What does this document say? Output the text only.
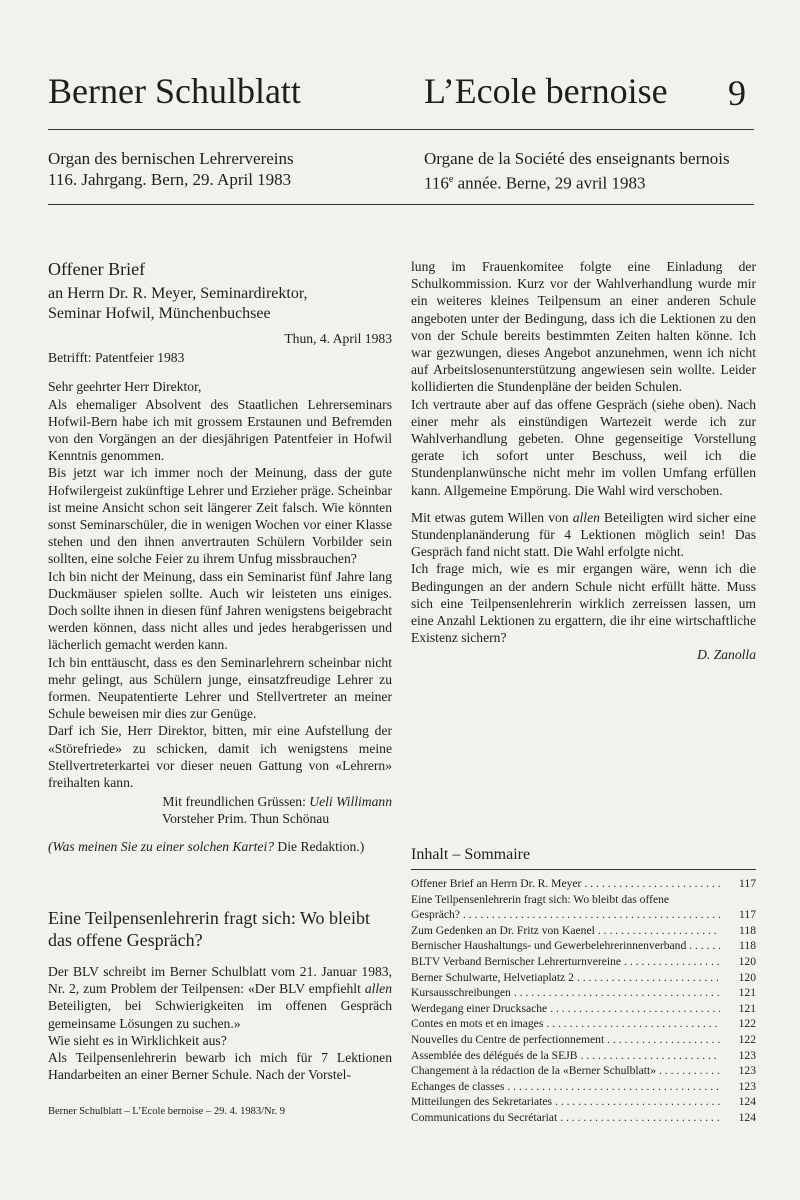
Berner Schulblatt	L’Ecole bernoise 9
Organ des bernischen Lehrervereins
116. Jahrgang. Bern, 29. April 1983
Organe de la Société des enseignants bernois
116e année. Berne, 29 avril 1983
Offener Brief
an Herrn Dr. R. Meyer, Seminardirektor,
Seminar Hofwil, Münchenbuchsee
Thun, 4. April 1983
Betrifft: Patentfeier 1983
Sehr geehrter Herr Direktor,

Als ehemaliger Absolvent des Staatlichen Lehrerseminars Hofwil-Bern habe ich mit grossem Erstaunen und Befremden von den Vorgängen an der diesjährigen Patentfeier in Hofwil Kenntnis genommen.

Bis jetzt war ich immer noch der Meinung, dass der gute Hofwilergeist zukünftige Lehrer und Erzieher präge. Scheinbar ist meine Ansicht schon seit längerer Zeit falsch. Wie könnten sonst Seminarschüler, die in wenigen Wochen vor einer Klasse stehen und den ihnen anvertrauten Schülern Vorbilder sein sollten, eine solche Feier zu ihrem Unfug missbrauchen?

Ich bin nicht der Meinung, dass ein Seminarist fünf Jahre lang Duckmäuser spielen sollte. Auch wir leisteten uns einiges. Doch sollte ihnen in diesen fünf Jahren wenigstens beigebracht werden können, dass nicht alles und jedes herabgerissen und lächerlich gemacht werden kann.

Ich bin enttäuscht, dass es den Seminarlehrern scheinbar nicht mehr gelingt, aus Schülern junge, einsatzfreudige Lehrer zu formen. Neupatentierte Lehrer und Stellvertreter an meiner Schule beweisen mir dies zur Genüge.

Darf ich Sie, Herr Direktor, bitten, mir eine Aufstellung der «Störefriede» zu schicken, damit ich wenigstens meine Stellvertreterkartei vor dieser neuen Gattung von «Lehrern» freihalten kann.

Mit freundlichen Grüssen: Ueli Willimann
Vorsteher Prim. Thun Schönau
(Was meinen Sie zu einer solchen Kartei? Die Redaktion.)
Eine Teilpensenlehrerin fragt sich: Wo bleibt das offene Gespräch?

Der BLV schreibt im Berner Schulblatt vom 21. Januar 1983, Nr. 2, zum Problem der Teilpensen: «Der BLV empfiehlt allen Beteiligten, bei Schwierigkeiten im offenen Gespräch gemeinsame Lösungen zu suchen.»

Wie sieht es in Wirklichkeit aus?

Als Teilpensenlehrerin bewarb ich mich für 7 Lektionen Handarbeiten an einer Berner Schule. Nach der Vorstel-

lung im Frauenkomitee folgte eine Einladung der Schulkommission. Kurz vor der Wahlverhandlung wurde mir ein weiteres kleines Teilpensum an einer anderen Schule angeboten unter der Bedingung, dass ich die Lektionen zu den von der Schule bereits bestimmten Zeiten halten könne. Ich war gezwungen, dieses Angebot anzunehmen, wenn ich nicht auf Arbeitslosenunterstützung angewiesen sein wollte. Leider kollidierten die Stundenpläne der beiden Schulen.

Ich vertraute aber auf das offene Gespräch (siehe oben). Nach einer mehr als einstündigen Wartezeit werde ich zur Wahlverhandlung gebeten. Ohne gegenseitige Vorstellung gerate ich sofort unter Beschuss, weil ich die Stundenplanwünsche nicht mehr im vollen Umfang erfüllen kann. Allgemeine Empörung. Die Wahl wird verschoben.

Mit etwas gutem Willen von allen Beteiligten wird sicher eine Stundenplanänderung für 4 Lektionen möglich sein! Das Gespräch fand nicht statt. Die Wahl erfolgte nicht.

Ich frage mich, wie es mir ergangen wäre, wenn ich die Bedingungen an der andern Schule nicht erfüllt hätte. Muss sich eine Teilpensenlehrerin wirklich zerreissen lassen, um eine Anzahl Lektionen zu ergattern, die ihr eine wirtschaftliche Existenz sichern?

D. Zanolla
Inhalt – Sommaire
Offener Brief an Herrn Dr. R. Meyer . . .	117
Eine Teilpensenlehrerin fragt sich: Wo bleibt das offene Gespräch? . . .	117
Zum Gedenken an Dr. Fritz von Kaenel . . .	118
Bernischer Haushaltungs- und Gewerbelehrerinnenverband . . .	118
BLTV Verband Bernischer Lehrerturnvereine . . .	120
Berner Schulwarte, Helvetiaplatz 2 . . .	120
Kursausschreibungen . . .	121
Werdegang einer Drucksache . . .	121
Contes en mots et en images . . .	122
Nouvelles du Centre de perfectionnement . . .	122
Assemblée des délégués de la SEJB . . .	123
Changement à la rédaction de la «Berner Schulblatt» . . .	123
Echanges de classes . . .	123
Mitteilungen des Sekretariates . . .	124
Communications du Secrétariat . . .	124
Berner Schulblatt – L’Ecole bernoise – 29. 4. 1983/Nr. 9
